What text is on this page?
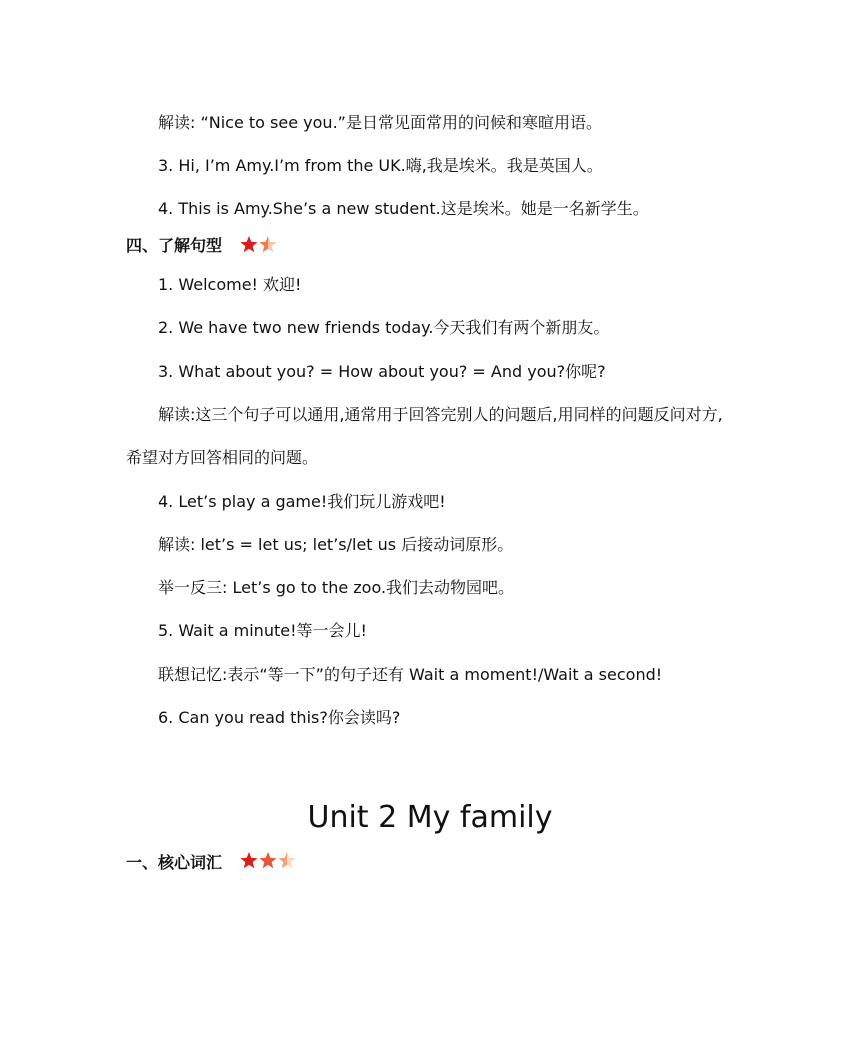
解读: “Nice to see you.”是日常见面常用的问候和寒暄用语。
3. Hi, I’m Amy.I’m from the UK.嗨,我是埃米。我是英国人。
4. This is Amy.She’s a new student.这是埃米。她是一名新学生。
四、了解句型
1. Welcome! 欢迎!
2. We have two new friends today.今天我们有两个新朋友。
3. What about you? = How about you? = And you?你呢?
解读:这三个句子可以通用,通常用于回答完别人的问题后,用同样的问题反问对方,希望对方回答相同的问题。
4. Let’s play a game!我们玩儿游戏吧!
解读: let’s = let us; let’s/let us 后接动词原形。
举一反三: Let’s go to the zoo.我们去动物园吧。
5. Wait a minute!等一会儿!
联想记忆:表示“等一下”的句子还有 Wait a moment!/Wait a second!
6. Can you read this?你会读吗?
Unit 2 My family
一、核心词汇
